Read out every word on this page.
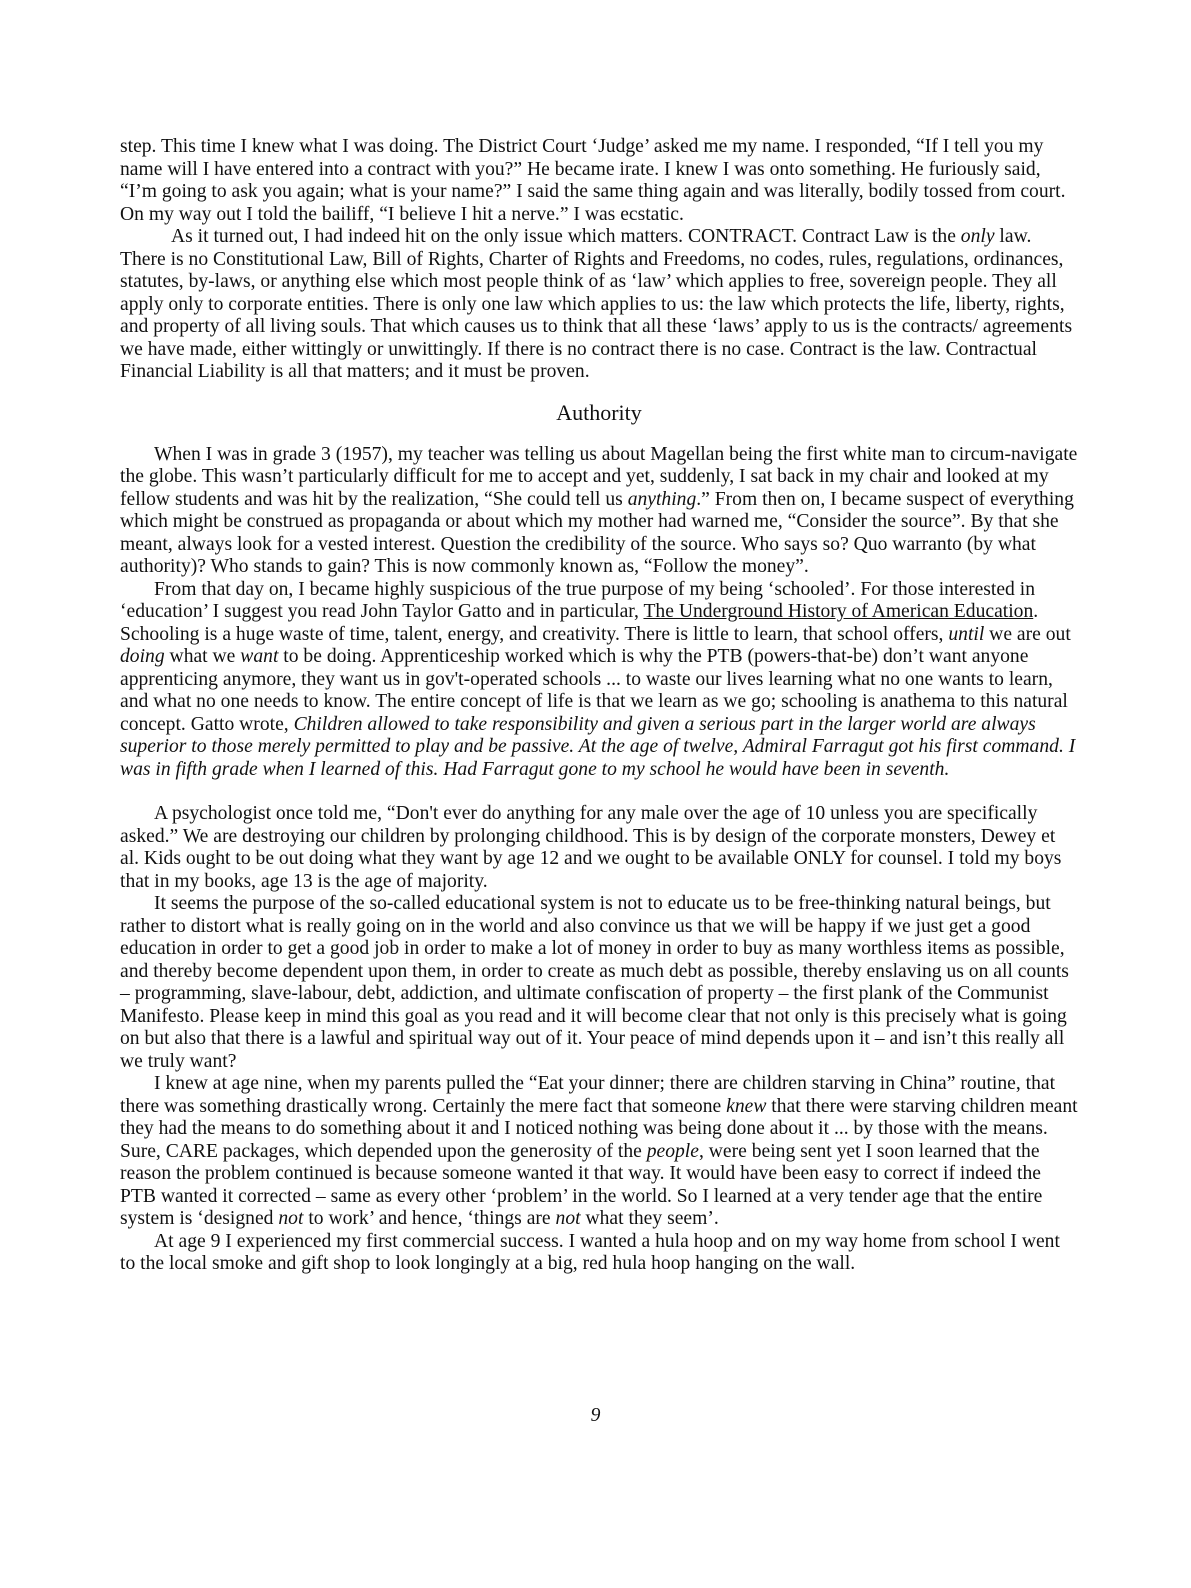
step. This time I knew what I was doing. The District Court ‘Judge’ asked me my name. I responded, “If I tell you my name will I have entered into a contract with you?” He became irate. I knew I was onto something. He furiously said, “I’m going to ask you again; what is your name?” I said the same thing again and was literally, bodily tossed from court. On my way out I told the bailiff, “I believe I hit a nerve.” I was ecstatic.

As it turned out, I had indeed hit on the only issue which matters. CONTRACT. Contract Law is the only law. There is no Constitutional Law, Bill of Rights, Charter of Rights and Freedoms, no codes, rules, regulations, ordinances, statutes, by-laws, or anything else which most people think of as ‘law’ which applies to free, sovereign people. They all apply only to corporate entities. There is only one law which applies to us: the law which protects the life, liberty, rights, and property of all living souls. That which causes us to think that all these ‘laws’ apply to us is the contracts/ agreements we have made, either wittingly or unwittingly. If there is no contract there is no case. Contract is the law. Contractual Financial Liability is all that matters; and it must be proven.

Authority

When I was in grade 3 (1957), my teacher was telling us about Magellan being the first white man to circum-navigate the globe. This wasn’t particularly difficult for me to accept and yet, suddenly, I sat back in my chair and looked at my fellow students and was hit by the realization, “She could tell us anything.” From then on, I became suspect of everything which might be construed as propaganda or about which my mother had warned me, “Consider the source”. By that she meant, always look for a vested interest. Question the credibility of the source. Who says so? Quo warranto (by what authority)? Who stands to gain? This is now commonly known as, “Follow the money”.

From that day on, I became highly suspicious of the true purpose of my being ‘schooled’. For those interested in ‘education’ I suggest you read John Taylor Gatto and in particular, The Underground History of American Education. Schooling is a huge waste of time, talent, energy, and creativity. There is little to learn, that school offers, until we are out doing what we want to be doing. Apprenticeship worked which is why the PTB (powers-that-be) don’t want anyone apprenticing anymore, they want us in gov't-operated schools ... to waste our lives learning what no one wants to learn, and what no one needs to know. The entire concept of life is that we learn as we go; schooling is anathema to this natural concept. Gatto wrote, Children allowed to take responsibility and given a serious part in the larger world are always superior to those merely permitted to play and be passive. At the age of twelve, Admiral Farragut got his first command. I was in fifth grade when I learned of this. Had Farragut gone to my school he would have been in seventh.

A psychologist once told me, “Don't ever do anything for any male over the age of 10 unless you are specifically asked.” We are destroying our children by prolonging childhood. This is by design of the corporate monsters, Dewey et al. Kids ought to be out doing what they want by age 12 and we ought to be available ONLY for counsel. I told my boys that in my books, age 13 is the age of majority.

It seems the purpose of the so-called educational system is not to educate us to be free-thinking natural beings, but rather to distort what is really going on in the world and also convince us that we will be happy if we just get a good education in order to get a good job in order to make a lot of money in order to buy as many worthless items as possible, and thereby become dependent upon them, in order to create as much debt as possible, thereby enslaving us on all counts – programming, slave-labour, debt, addiction, and ultimate confiscation of property – the first plank of the Communist Manifesto. Please keep in mind this goal as you read and it will become clear that not only is this precisely what is going on but also that there is a lawful and spiritual way out of it. Your peace of mind depends upon it – and isn’t this really all we truly want?

I knew at age nine, when my parents pulled the “Eat your dinner; there are children starving in China” routine, that there was something drastically wrong. Certainly the mere fact that someone knew that there were starving children meant they had the means to do something about it and I noticed nothing was being done about it ... by those with the means. Sure, CARE packages, which depended upon the generosity of the people, were being sent yet I soon learned that the reason the problem continued is because someone wanted it that way. It would have been easy to correct if indeed the PTB wanted it corrected – same as every other ‘problem’ in the world. So I learned at a very tender age that the entire system is ‘designed not to work’ and hence, ‘things are not what they seem’.

At age 9 I experienced my first commercial success. I wanted a hula hoop and on my way home from school I went to the local smoke and gift shop to look longingly at a big, red hula hoop hanging on the wall.

9
